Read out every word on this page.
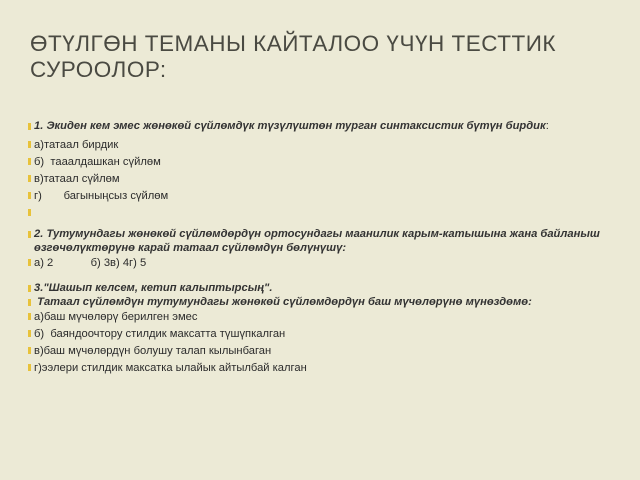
ӨТҮЛГӨН ТЕМАНЫ КАЙТАЛОО ҮЧҮН ТЕСТТИК СУРООЛОР:
1. Экиден кем эмес жөнөкөй сүйлөмдүк түзүлүштөн турган синтаксистик бүтүн бирдик:
а)татаал бирдик
б)  тааалдашкан сүйлөм
в)татаал сүйлөм
г)       багыныңсыз сүйлөм

2. Тутумундагы жөнөкөй сүйлөмдөрдүн ортосундагы маанилик карым-катышына жана байланыш өзгөчөлүктөрүнө карай татаал сүйлөмдүн бөлүнүшү:
а) 2            б) 3в) 4г) 5
3."Шашып келсем, кетип калыптырсың".
Татаал сүйлөмдүн тутумундагы жөнөкөй сүйлөмдөрдүн баш мүчөлөрүнө мүнөздөмө:
а)баш мүчөлөрү берилген эмес
б)  баяндоочтору стилдик максатта түшүпкалган
в)баш мүчөлөрдүн болушу талап кылынбаган
г)ээлери стилдик максатка ылайык айтылбай калган
